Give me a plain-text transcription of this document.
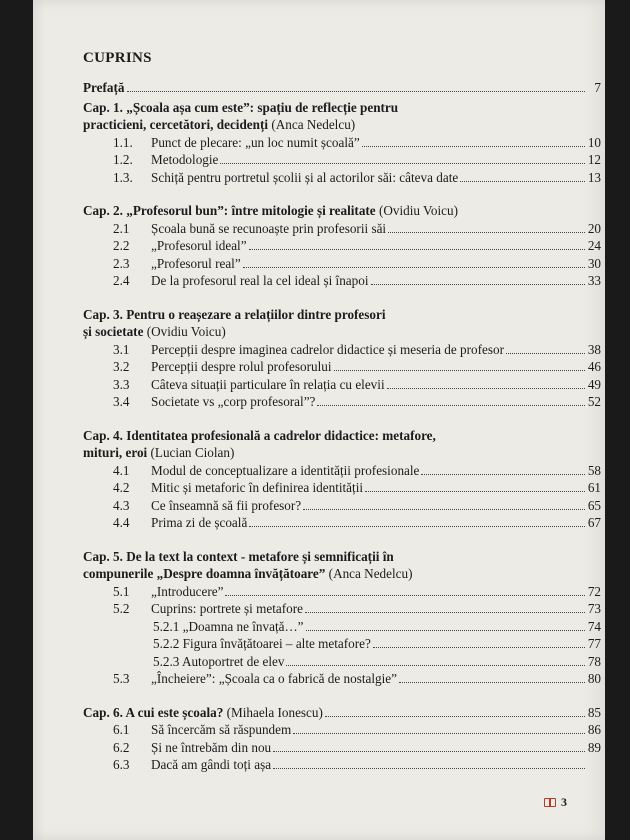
CUPRINS
Prefață	7
Cap. 1. „Școala așa cum este”: spațiu de reflecție pentru
practicieni, cercetători, decidenți (Anca Nedelcu)
1.1.	Punct de plecare: „un loc numit școală”	10
1.2.	Metodologie	12
1.3.	Schiță pentru portretul școlii și al actorilor săi: câteva date	13
Cap. 2. „Profesorul bun”: între mitologie și realitate (Ovidiu Voicu)
2.1	Școala bună se recunoaște prin profesorii săi	20
2.2	„Profesorul ideal”	24
2.3	„Profesorul real”	30
2.4	De la profesorul real la cel ideal și înapoi	33
Cap. 3. Pentru o reașezare a relațiilor dintre profesori
și societate (Ovidiu Voicu)
3.1	Percepții despre imaginea cadrelor didactice și meseria de profesor	38
3.2	Percepții despre rolul profesorului	46
3.3	Câteva situații particulare în relația cu elevii	49
3.4	Societate vs „corp profesoral”?	52
Cap. 4. Identitatea profesională a cadrelor didactice: metafore,
mituri, eroi (Lucian Ciolan)
4.1	Modul de conceptualizare a identității profesionale	58
4.2	Mitic și metaforic în definirea identității	61
4.3	Ce înseamnă să fii profesor?	65
4.4	Prima zi de școală	67
Cap. 5. De la text la context - metafore și semnificații în
compunerile „Despre doamna învățătoare” (Anca Nedelcu)
5.1	„Introducere”	72
5.2	Cuprins: portrete și metafore	73
5.2.1 „Doamna ne învață…”	74
5.2.2 Figura învățătoarei – alte metafore?	77
5.2.3 Autoportret de elev	78
5.3	„Încheiere”: „Școala ca o fabrică de nostalgie”	80
Cap. 6. A cui este școala? (Mihaela Ionescu)	85
6.1	Să încercăm să răspundem	86
6.2	Și ne întrebăm din nou	89
6.3	Dacă am gândi toți așa
3
